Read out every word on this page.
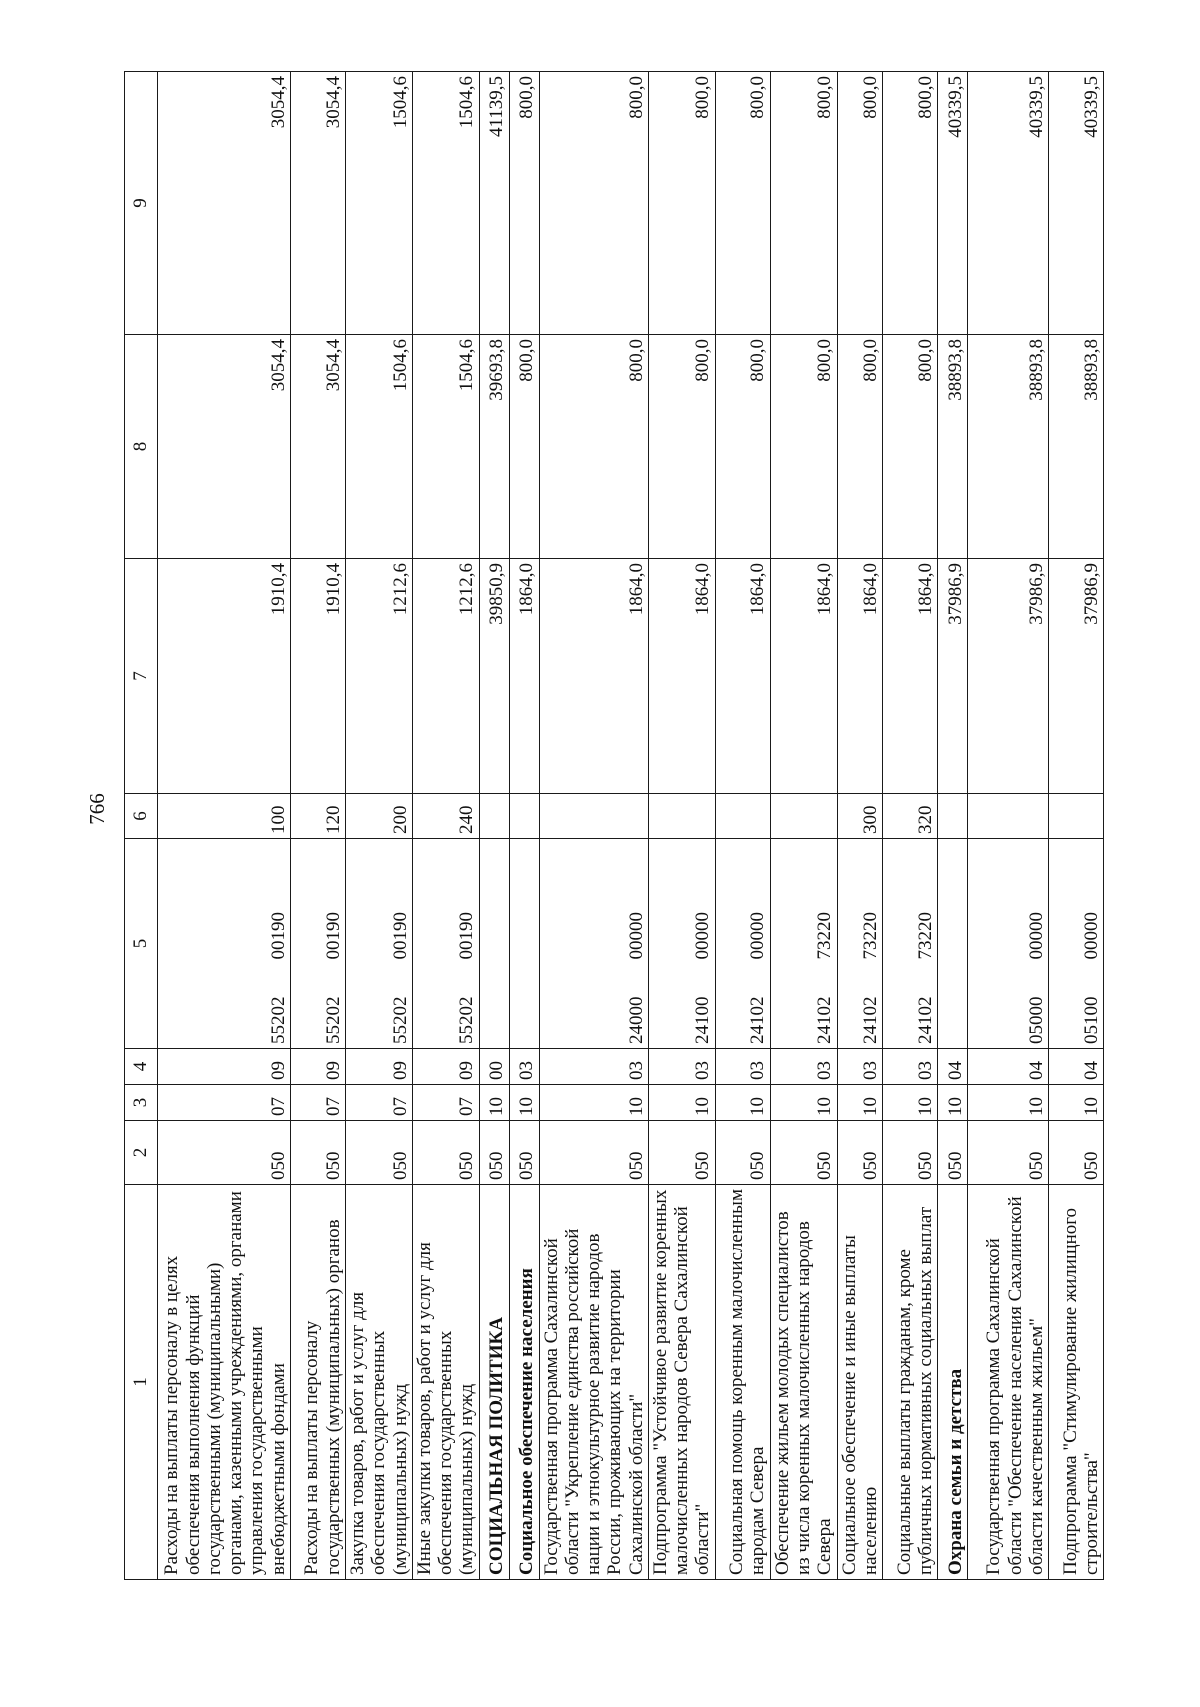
766
1	2	3	4	5	6	7	8	9
Расходы на выплаты персоналу в целях обеспечения выполнения функций государственными (муниципальными) органами, казенными учреждениями, органами управления государственными внебюджетными фондами	050	07	09	5520200190	100	1910,4	3054,4	3054,4
Расходы на выплаты персоналу государственных (муниципальных) органов	050	07	09	5520200190	120	1910,4	3054,4	3054,4
Закупка товаров, работ и услуг для обеспечения государственных (муниципальных) нужд	050	07	09	5520200190	200	1212,6	1504,6	1504,6
Иные закупки товаров, работ и услуг для обеспечения государственных (муниципальных) нужд	050	07	09	5520200190	240	1212,6	1504,6	1504,6
СОЦИАЛЬНАЯ ПОЛИТИКА	050	10	00			39850,9	39693,8	41139,5
Социальное обеспечение населения	050	10	03			1864,0	800,0	800,0
Государственная программа Сахалинской области "Укрепление единства российской нации и этнокультурное развитие народов России, проживающих на территории Сахалинской области"	050	10	03	2400000000		1864,0	800,0	800,0
Подпрограмма "Устойчивое развитие коренных малочисленных народов Севера Сахалинской области"	050	10	03	2410000000		1864,0	800,0	800,0
Социальная помощь коренным малочисленным народам Севера	050	10	03	2410200000		1864,0	800,0	800,0
Обеспечение жильем молодых специалистов из числа коренных малочисленных народов Севера	050	10	03	2410273220		1864,0	800,0	800,0
Социальное обеспечение и иные выплаты населению	050	10	03	2410273220	300	1864,0	800,0	800,0
Социальные выплаты гражданам, кроме публичных нормативных социальных выплат	050	10	03	2410273220	320	1864,0	800,0	800,0
Охрана семьи и детства	050	10	04			37986,9	38893,8	40339,5
Государственная программа Сахалинской области "Обеспечение населения Сахалинской области качественным жильем"	050	10	04	0500000000		37986,9	38893,8	40339,5
Подпрограмма "Стимулирование жилищного строительства"	050	10	04	0510000000		37986,9	38893,8	40339,5
